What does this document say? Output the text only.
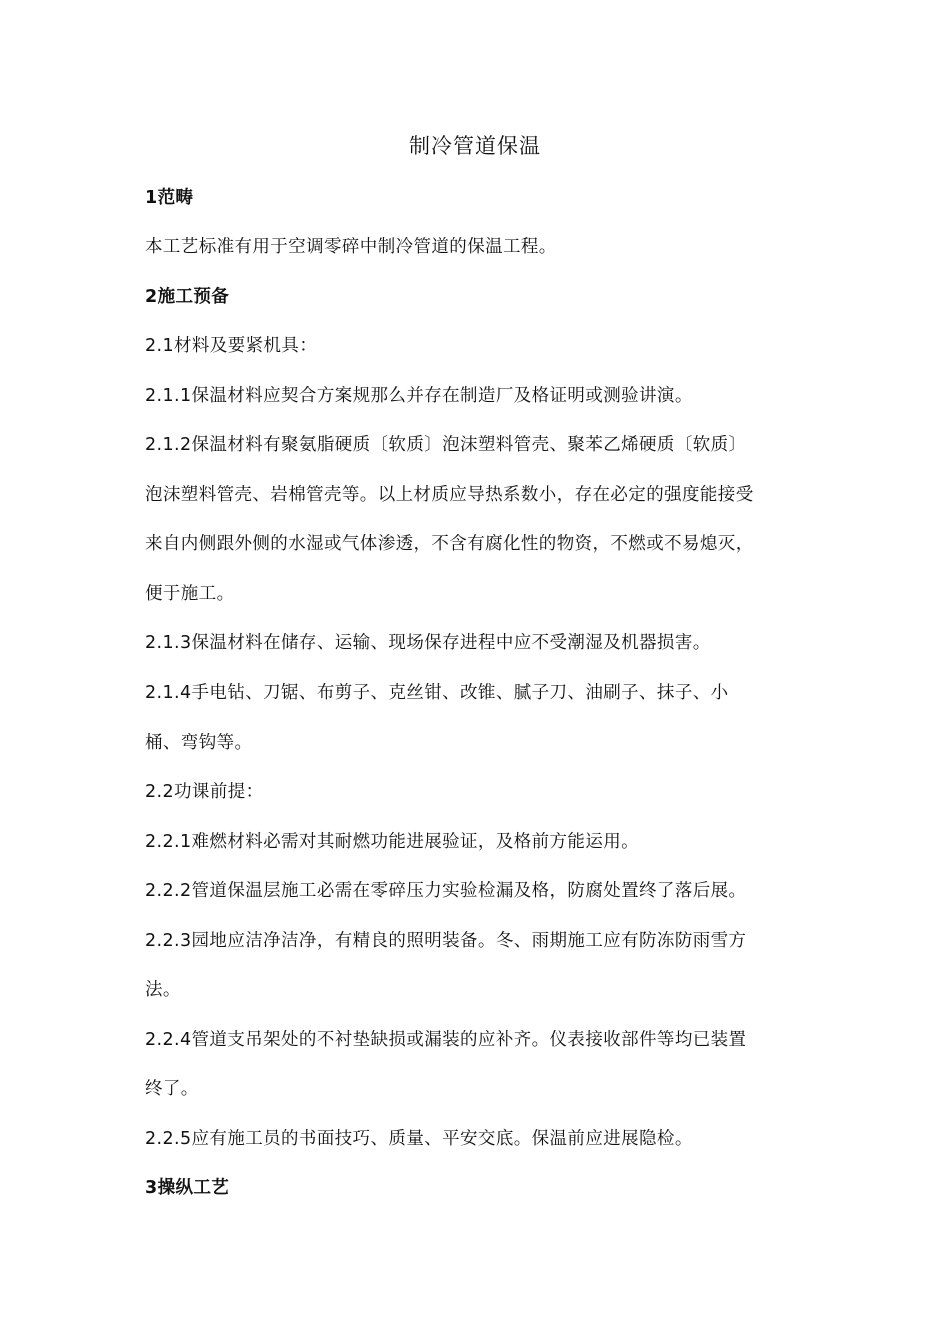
制冷管道保温
1范畴
本工艺标准有用于空调零碎中制冷管道的保温工程。
2施工预备
2.1材料及要紧机具：
2.1.1保温材料应契合方案规那么并存在制造厂及格证明或测验讲演。
2.1.2保温材料有聚氨脂硬质〔软质〕泡沫塑料管壳、聚苯乙烯硬质〔软质〕
泡沫塑料管壳、岩棉管壳等。以上材质应导热系数小，存在必定的强度能接受
来自内侧跟外侧的水湿或气体渗透，不含有腐化性的物资，不燃或不易熄灭，
便于施工。
2.1.3保温材料在储存、运输、现场保存进程中应不受潮湿及机器损害。
2.1.4手电钻、刀锯、布剪子、克丝钳、改锥、腻子刀、油刷子、抹子、小
桶、弯钩等。
2.2功课前提：
2.2.1难燃材料必需对其耐燃功能进展验证，及格前方能运用。
2.2.2管道保温层施工必需在零碎压力实验检漏及格，防腐处置终了落后展。
2.2.3园地应洁净洁净，有精良的照明装备。冬、雨期施工应有防冻防雨雪方
法。
2.2.4管道支吊架处的不衬垫缺损或漏装的应补齐。仪表接收部件等均已装置
终了。
2.2.5应有施工员的书面技巧、质量、平安交底。保温前应进展隐检。
3操纵工艺
